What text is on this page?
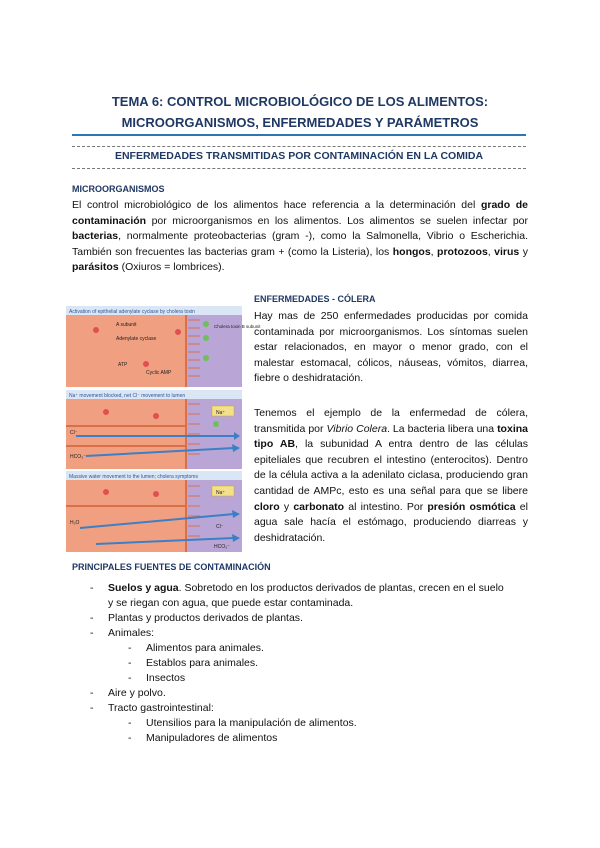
TEMA 6: CONTROL MICROBIOLÓGICO DE LOS ALIMENTOS:
MICROORGANISMOS, ENFERMEDADES Y PARÁMETROS
ENFERMEDADES TRANSMITIDAS POR CONTAMINACIÓN EN LA COMIDA
MICROORGANISMOS
El control microbiológico de los alimentos hace referencia a la determinación del grado de contaminación por microorganismos en los alimentos. Los alimentos se suelen infectar por bacterias, normalmente proteobacterias (gram -), como la Salmonella, Vibrio o Escherichia. También son frecuentes las bacterias gram + (como la Listeria), los hongos, protozoos, virus y parásitos (Oxiuros = lombrices).
Activation of epithelial adenylate cyclase by cholera toxin
A subunit
Adenylate cyclase
ATP
Cyclic AMP
Cholera toxin B subunit
Na⁺ movement blocked, net Cl⁻ movement to lumen
Cl⁻
HCO₃⁻
Na⁺
Massive water movement to the lumen; cholera symptoms
H₂O
Na⁺
Cl⁻
HCO₃⁻
ENFERMEDADES - CÓLERA
Hay mas de 250 enfermedades producidas por comida contaminada por microorganismos. Los síntomas suelen estar relacionados, en mayor o menor grado, con el malestar estomacal, cólicos, náuseas, vómitos, diarrea, fiebre o deshidratación.
Tenemos el ejemplo de la enfermedad de cólera, transmitida por Vibrio Colera. La bacteria libera una toxina tipo AB, la subunidad A entra dentro de las células epiteliales que recubren el intestino (enterocitos). Dentro de la célula activa a la adenilato ciclasa, produciendo gran cantidad de AMPc, esto es una señal para que se libere cloro y carbonato al intestino. Por presión osmótica el agua sale hacía el estómago, produciendo diarreas y deshidratación.
PRINCIPALES FUENTES DE CONTAMINACIÓN
- Suelos y agua. Sobretodo en los productos derivados de plantas, crecen en el suelo
y se riegan con agua, que puede estar contaminada.
- Plantas y productos derivados de plantas.
- Animales:
- Alimentos para animales.
- Establos para animales.
- Insectos
- Aire y polvo.
- Tracto gastrointestinal:
- Utensilios para la manipulación de alimentos.
- Manipuladores de alimentos
